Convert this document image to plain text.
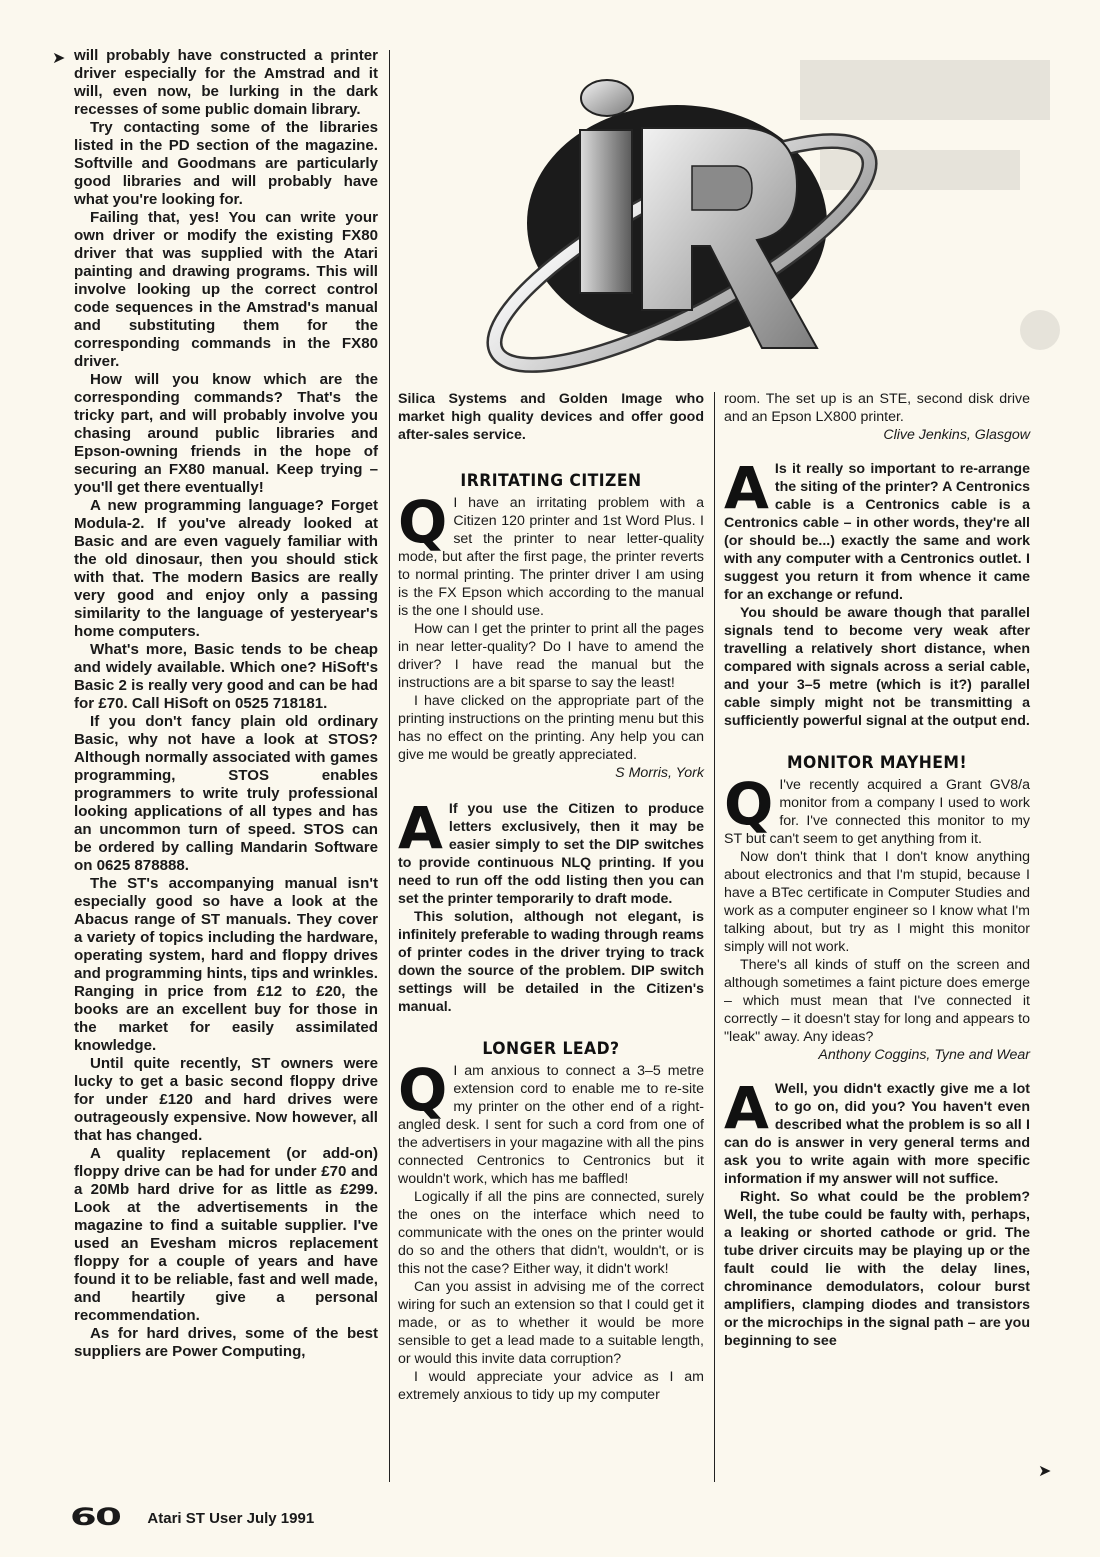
➤ will probably have constructed a printer driver especially for the Amstrad and it will, even now, be lurking in the dark recesses of some public domain library.

Try contacting some of the libraries listed in the PD section of the magazine. Softville and Goodmans are particularly good libraries and will probably have what you're looking for.

Failing that, yes! You can write your own driver or modify the existing FX80 driver that was supplied with the Atari painting and drawing programs. This will involve looking up the correct control code sequences in the Amstrad's manual and substituting them for the corresponding commands in the FX80 driver.

How will you know which are the corresponding commands? That's the tricky part, and will probably involve you chasing around public libraries and Epson-owning friends in the hope of securing an FX80 manual. Keep trying – you'll get there eventually!

A new programming language? Forget Modula-2. If you've already looked at Basic and are even vaguely familiar with the old dinosaur, then you should stick with that. The modern Basics are really very good and enjoy only a passing similarity to the language of yesteryear's home computers.

What's more, Basic tends to be cheap and widely available. Which one? HiSoft's Basic 2 is really very good and can be had for £70. Call HiSoft on 0525 718181.

If you don't fancy plain old ordinary Basic, why not have a look at STOS? Although normally associated with games programming, STOS enables programmers to write truly professional looking applications of all types and has an uncommon turn of speed. STOS can be ordered by calling Mandarin Software on 0625 878888.

The ST's accompanying manual isn't especially good so have a look at the Abacus range of ST manuals. They cover a variety of topics including the hardware, operating system, hard and floppy drives and programming hints, tips and wrinkles. Ranging in price from £12 to £20, the books are an excellent buy for those in the market for easily assimilated knowledge.

Until quite recently, ST owners were lucky to get a basic second floppy drive for under £120 and hard drives were outrageously expensive. Now however, all that has changed.

A quality replacement (or add-on) floppy drive can be had for under £70 and a 20Mb hard drive for as little as £299. Look at the advertisements in the magazine to find a suitable supplier. I've used an Evesham micros replacement floppy for a couple of years and have found it to be reliable, fast and well made, and heartily give a personal recommendation.

As for hard drives, some of the best suppliers are Power Computing,

Silica Systems and Golden Image who market high quality devices and offer good after-sales service.

IRRITATING CITIZEN
Q I have an irritating problem with a Citizen 120 printer and 1st Word Plus. I set the printer to near letter-quality mode, but after the first page, the printer reverts to normal printing. The printer driver I am using is the FX Epson which according to the manual is the one I should use.

How can I get the printer to print all the pages in near letter-quality? Do I have to amend the driver? I have read the manual but the instructions are a bit sparse to say the least!

I have clicked on the appropriate part of the printing instructions on the printing menu but this has no effect on the printing. Any help you can give me would be greatly appreciated.

S Morris, York

A If you use the Citizen to produce letters exclusively, then it may be easier simply to set the DIP switches to provide continuous NLQ printing. If you need to run off the odd listing then you can set the printer temporarily to draft mode.

This solution, although not elegant, is infinitely preferable to wading through reams of printer codes in the driver trying to track down the source of the problem. DIP switch settings will be detailed in the Citizen's manual.

LONGER LEAD?
Q I am anxious to connect a 3–5 metre extension cord to enable me to re-site my printer on the other end of a right-angled desk. I sent for such a cord from one of the advertisers in your magazine with all the pins connected Centronics to Centronics but it wouldn't work, which has me baffled!

Logically if all the pins are connected, surely the ones on the interface which need to communicate with the ones on the printer would do so and the others that didn't, wouldn't, or is this not the case? Either way, it didn't work!

Can you assist in advising me of the correct wiring for such an extension so that I could get it made, or as to whether it would be more sensible to get a lead made to a suitable length, or would this invite data corruption?

I would appreciate your advice as I am extremely anxious to tidy up my computer

room. The set up is an STE, second disk drive and an Epson LX800 printer.

Clive Jenkins, Glasgow

A Is it really so important to re-arrange the siting of the printer? A Centronics cable is a Centronics cable is a Centronics cable – in other words, they're all (or should be...) exactly the same and work with any computer with a Centronics outlet. I suggest you return it from whence it came for an exchange or refund.

You should be aware though that parallel signals tend to become very weak after travelling a relatively short distance, when compared with signals across a serial cable, and your 3–5 metre (which is it?) parallel cable simply might not be transmitting a sufficiently powerful signal at the output end.

MONITOR MAYHEM!
Q I've recently acquired a Grant GV8/a monitor from a company I used to work for. I've connected this monitor to my ST but can't seem to get anything from it.

Now don't think that I don't know anything about electronics and that I'm stupid, because I have a BTec certificate in Computer Studies and work as a computer engineer so I know what I'm talking about, but try as I might this monitor simply will not work.

There's all kinds of stuff on the screen and although sometimes a faint picture does emerge – which must mean that I've connected it correctly – it doesn't stay for long and appears to "leak" away. Any ideas?

Anthony Coggins, Tyne and Wear

A Well, you didn't exactly give me a lot to go on, did you? You haven't even described what the problem is so all I can do is answer in very general terms and ask you to write again with more specific information if my answer will not suffice.

Right. So what could be the problem? Well, the tube could be faulty with, perhaps, a leaking or shorted cathode or grid. The tube driver circuits may be playing up or the fault could lie with the delay lines, chrominance demodulators, colour burst amplifiers, clamping diodes and transistors or the microchips in the signal path – are you beginning to see

➤
60 Atari ST User July 1991
